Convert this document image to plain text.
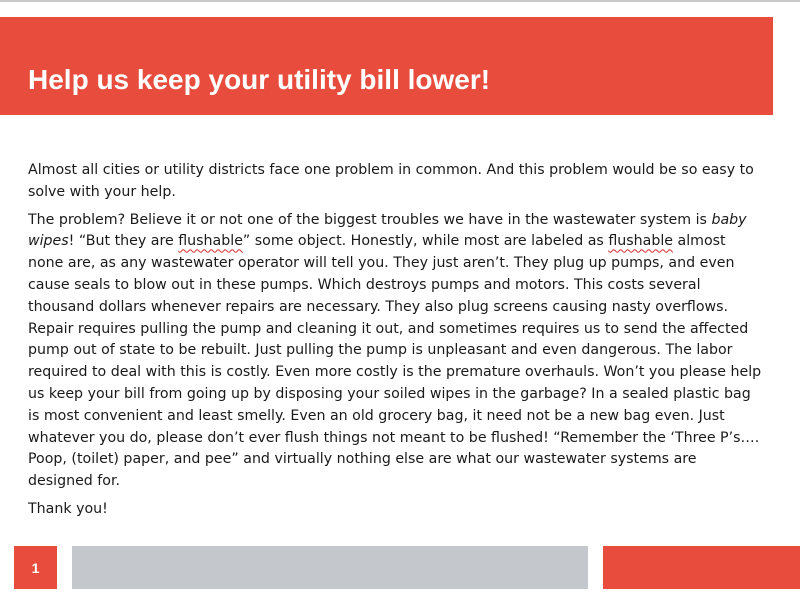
Help us keep your utility bill lower!

Almost all cities or utility districts face one problem in common. And this problem would be so easy to solve with your help.

The problem? Believe it or not one of the biggest troubles we have in the wastewater system is baby wipes! “But they are flushable” some object. Honestly, while most are labeled as flushable almost none are, as any wastewater operator will tell you. They just aren’t. They plug up pumps, and even cause seals to blow out in these pumps. Which destroys pumps and motors. This costs several thousand dollars whenever repairs are necessary. They also plug screens causing nasty overflows. Repair requires pulling the pump and cleaning it out, and sometimes requires us to send the affected pump out of state to be rebuilt. Just pulling the pump is unpleasant and even dangerous. The labor required to deal with this is costly. Even more costly is the premature overhauls. Won’t you please help us keep your bill from going up by disposing your soiled wipes in the garbage? In a sealed plastic bag is most convenient and least smelly. Even an old grocery bag, it need not be a new bag even. Just whatever you do, please don’t ever flush things not meant to be flushed! “Remember the ‘Three P’s…. Poop, (toilet) paper, and pee” and virtually nothing else are what our wastewater systems are designed for.

Thank you!

1
